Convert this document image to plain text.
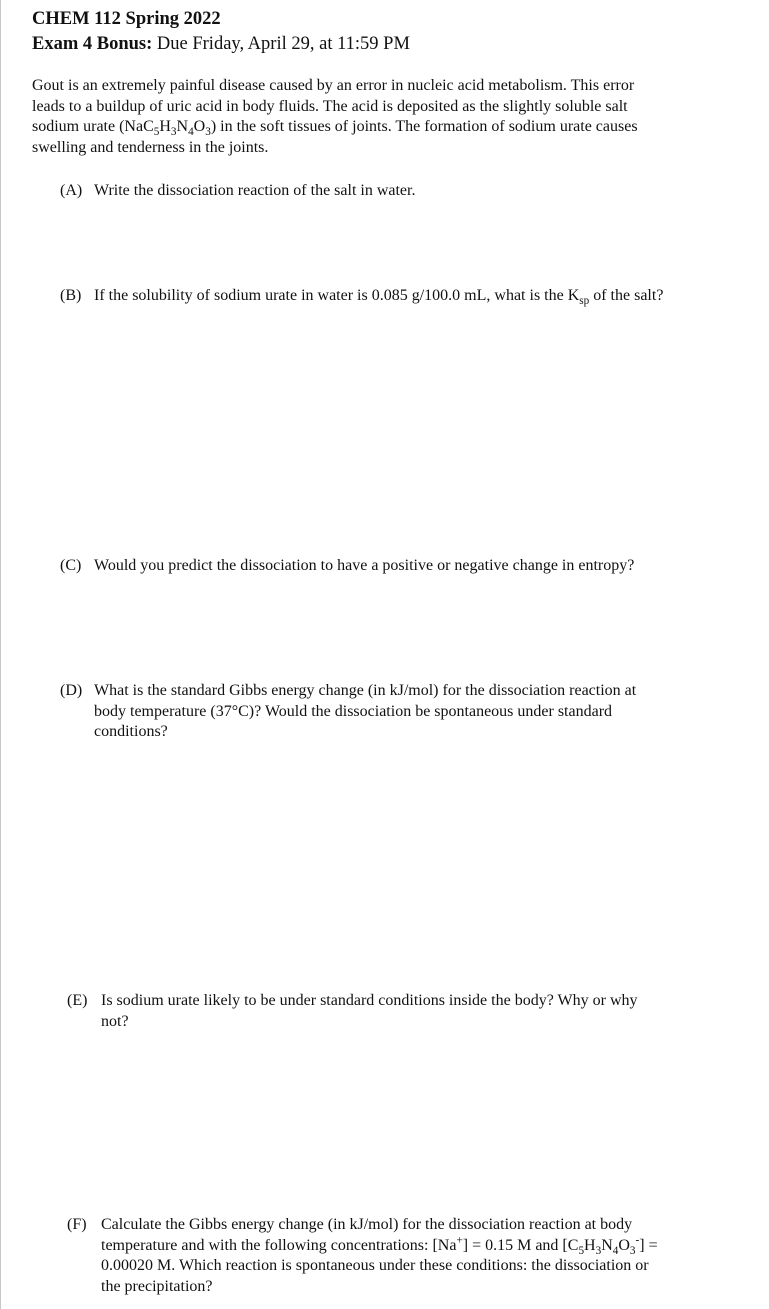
CHEM 112 Spring 2022
Exam 4 Bonus: Due Friday, April 29, at 11:59 PM
Gout is an extremely painful disease caused by an error in nucleic acid metabolism. This error
leads to a buildup of uric acid in body fluids. The acid is deposited as the slightly soluble salt
sodium urate $(NaC_5H_3N_4O_3)$ in the soft tissues of joints. The formation of sodium urate causes
swelling and tenderness in the joints.
(A) Write the dissociation reaction of the salt in water.
(B) If the solubility of sodium urate in water is 0.085 g/100.0 mL, what is the $K_{sp}$ of the salt?
(C) Would you predict the dissociation to have a positive or negative change in entropy?
(D) What is the standard Gibbs energy change (in kJ/mol) for the dissociation reaction at
body temperature (37°C)? Would the dissociation be spontaneous under standard
conditions?
(E) Is sodium urate likely to be under standard conditions inside the body? Why or why
not?
(F) Calculate the Gibbs energy change (in kJ/mol) for the dissociation reaction at body
temperature and with the following concentrations: [Na+] = 0.15 M and $[C_5H_3N_4O_3^-]$ =
0.00020 M. Which reaction is spontaneous under these conditions: the dissociation or
the precipitation?
